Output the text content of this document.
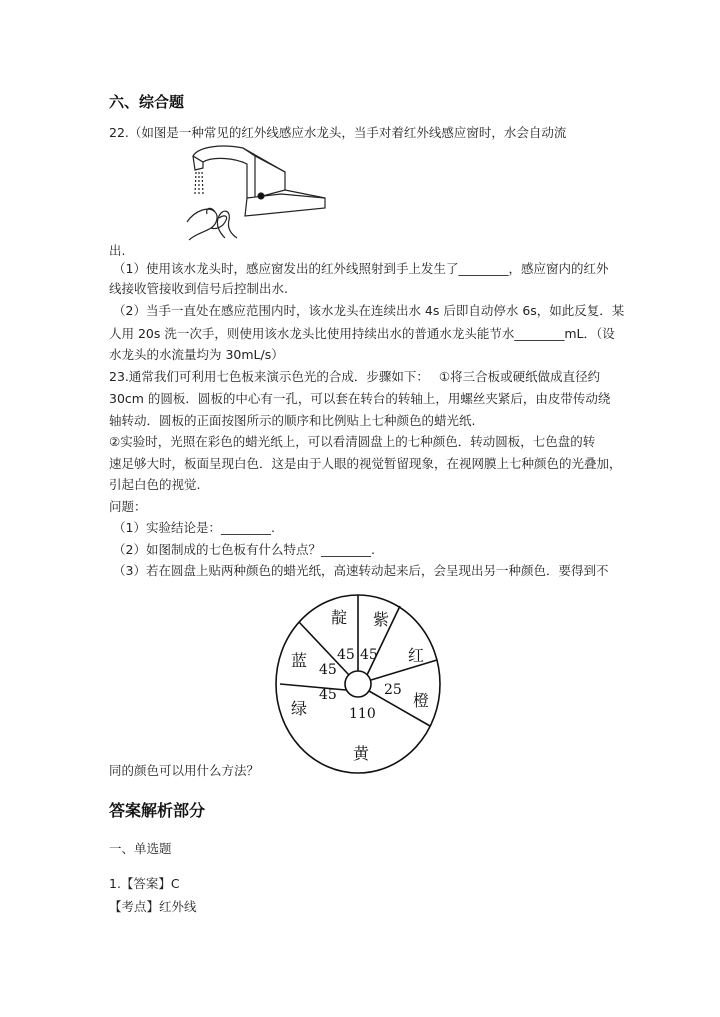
六、综合题
22.（如图是一种常见的红外线感应水龙头，当手对着红外线感应窗时，水会自动流
出.
（1）使用该水龙头时，感应窗发出的红外线照射到手上发生了________，感应窗内的红外
线接收管接收到信号后控制出水.
（2）当手一直处在感应范围内时，该水龙头在连续出水 4s 后即自动停水 6s，如此反复．某
人用 20s 洗一次手，则使用该水龙头比使用持续出水的普通水龙头能节水________mL．（设
水龙头的水流量均为 30mL/s）
23.通常我们可利用七色板来演示色光的合成．步骤如下： ①将三合板或硬纸做成直径约
30cm 的圆板．圆板的中心有一孔，可以套在转台的转轴上，用螺丝夹紧后，由皮带传动绕
轴转动．圆板的正面按图所示的顺序和比例贴上七种颜色的蜡光纸.
②实验时，光照在彩色的蜡光纸上，可以看清圆盘上的七种颜色．转动圆板，七色盘的转
速足够大时，板面呈现白色．这是由于人眼的视觉暂留现象，在视网膜上七种颜色的光叠加，
引起白色的视觉.
问题：
（1）实验结论是：________.
（2）如图制成的七色板有什么特点？________.
（3）若在圆盘上贴两种颜色的蜡光纸，高速转动起来后，会呈现出另一种颜色．要得到不
靛 紫
红
橙
黄
绿
蓝 45 45
25
110
45
45
同的颜色可以用什么方法？
答案解析部分
一、单选题
1.【答案】C
【考点】红外线
